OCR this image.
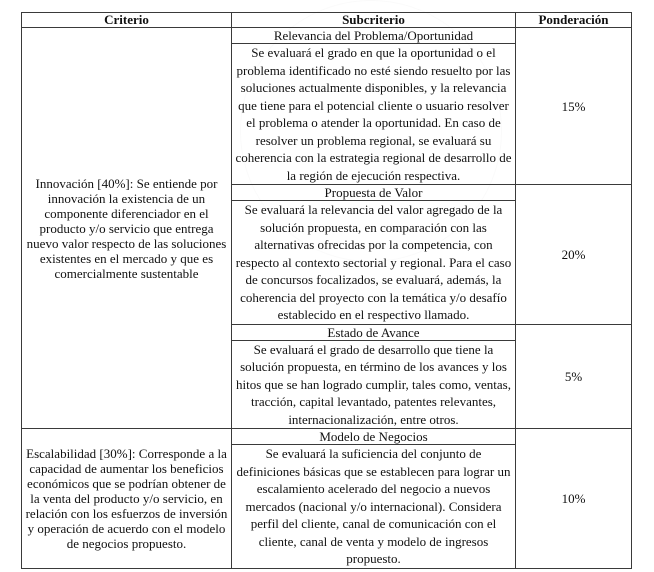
Criterio	Subcriterio	Ponderación
Innovación [40%]: Se entiende por innovación la existencia de un componente diferenciador en el producto y/o servicio que entrega nuevo valor respecto de las soluciones existentes en el mercado y que es comercialmente sustentable	Relevancia del Problema/Oportunidad	15%
	Se evaluará el grado en que la oportunidad o el problema identificado no esté siendo resuelto por las soluciones actualmente disponibles, y la relevancia que tiene para el potencial cliente o usuario resolver el problema o atender la oportunidad. En caso de resolver un problema regional, se evaluará su coherencia con la estrategia regional de desarrollo de la región de ejecución respectiva.	
	Propuesta de Valor	20%
	Se evaluará la relevancia del valor agregado de la solución propuesta, en comparación con las alternativas ofrecidas por la competencia, con respecto al contexto sectorial y regional. Para el caso de concursos focalizados, se evaluará, además, la coherencia del proyecto con la temática y/o desafío establecido en el respectivo llamado.	
	Estado de Avance	5%
	Se evaluará el grado de desarrollo que tiene la solución propuesta, en término de los avances y los hitos que se han logrado cumplir, tales como, ventas, tracción, capital levantado, patentes relevantes, internacionalización, entre otros.	
Escalabilidad [30%]: Corresponde a la capacidad de aumentar los beneficios económicos que se podrían obtener de la venta del producto y/o servicio, en relación con los esfuerzos de inversión y operación de acuerdo con el modelo de negocios propuesto.	Modelo de Negocios	10%
	Se evaluará la suficiencia del conjunto de definiciones básicas que se establecen para lograr un escalamiento acelerado del negocio a nuevos mercados (nacional y/o internacional). Considera perfil del cliente, canal de comunicación con el cliente, canal de venta y modelo de ingresos propuesto.	
